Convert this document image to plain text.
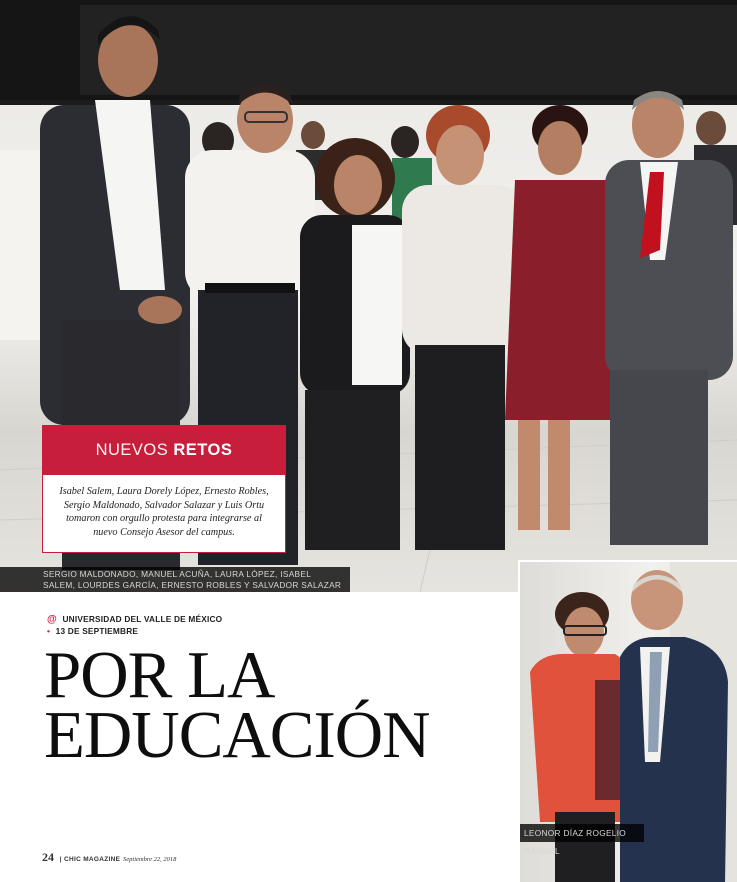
SERGIO MALDONADO, MANUEL ACUÑA, LAURA LÓPEZ, ISABEL SALEM, LOURDES GARCÍA, ERNESTO ROBLES Y SALVADOR SALAZAR
NUEVOS RETOS
Isabel Salem, Laura Dorely López, Ernesto Robles, Sergio Maldonado, Salvador Salazar y Luis Ortu tomaron con orgullo protesta para integrarse al nuevo Consejo Asesor del campus.
@ UNIVERSIDAD DEL VALLE DE MÉXICO
• 13 DE SEPTIEMBRE
POR LA
EDUCACIÓN
24 | CHIC MAGAZINE Septiembre 22, 2018
LEONOR DÍAZ ROGELIO RANGEL
